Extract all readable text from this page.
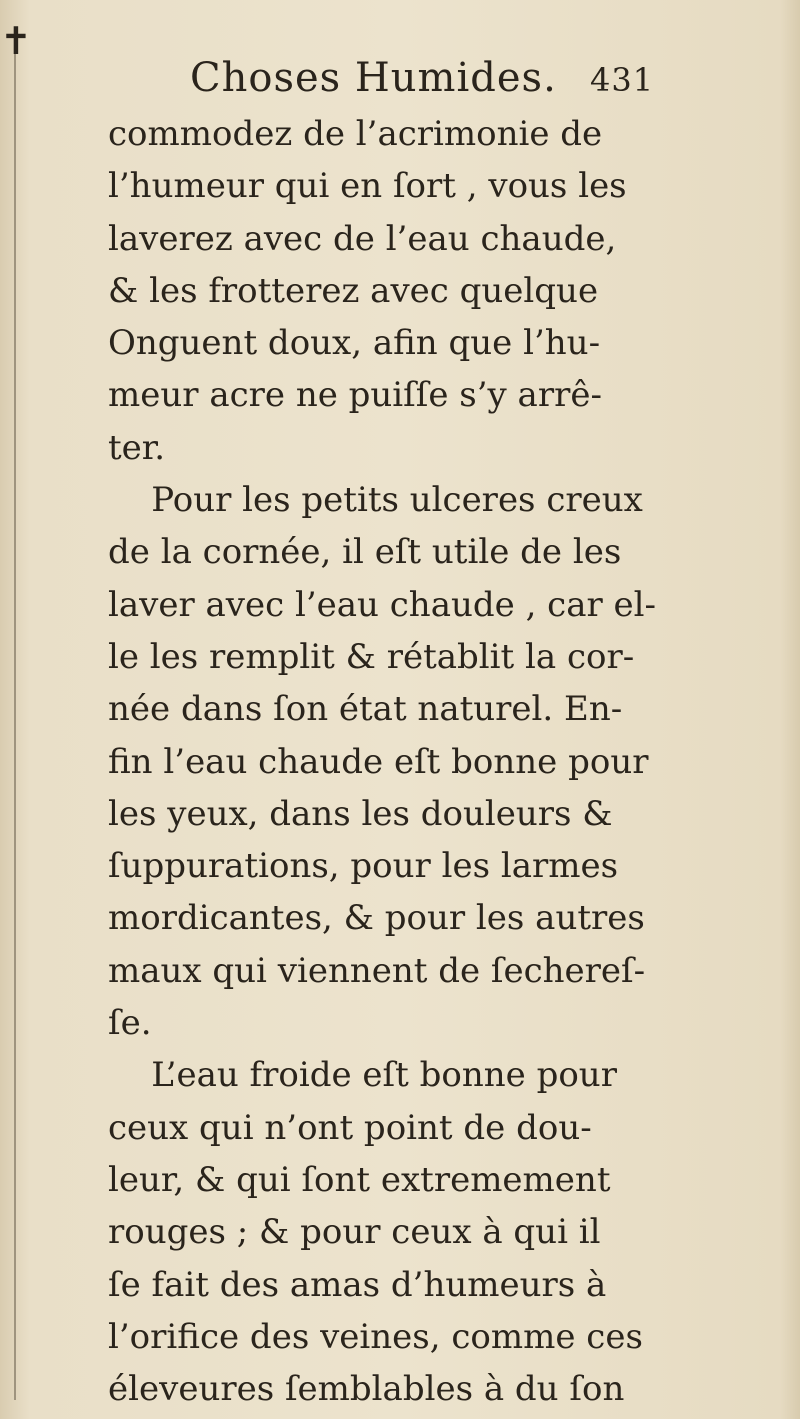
✝
Choses Humides. 431
commodez de l’acrimonie de
l’humeur qui en ſort , vous les
laverez avec de l’eau chaude,
& les frotterez avec quelque
Onguent doux, afin que l’hu-
meur acre ne puiſſe s’y arrê-
ter.
Pour les petits ulceres creux
de la cornée, il eſt utile de les
laver avec l’eau chaude , car el-
le les remplit & rétablit la cor-
née dans ſon état naturel. En-
fin l’eau chaude eſt bonne pour
les yeux, dans les douleurs &
ſuppurations, pour les larmes
mordicantes, & pour les autres
maux qui viennent de ſechereſ-
ſe.
L’eau froide eſt bonne pour
ceux qui n’ont point de dou-
leur, & qui ſont extremement
rouges ; & pour ceux à qui il
ſe fait des amas d’humeurs à
l’orifice des veines, comme ces
éleveures ſemblables à du ſon
